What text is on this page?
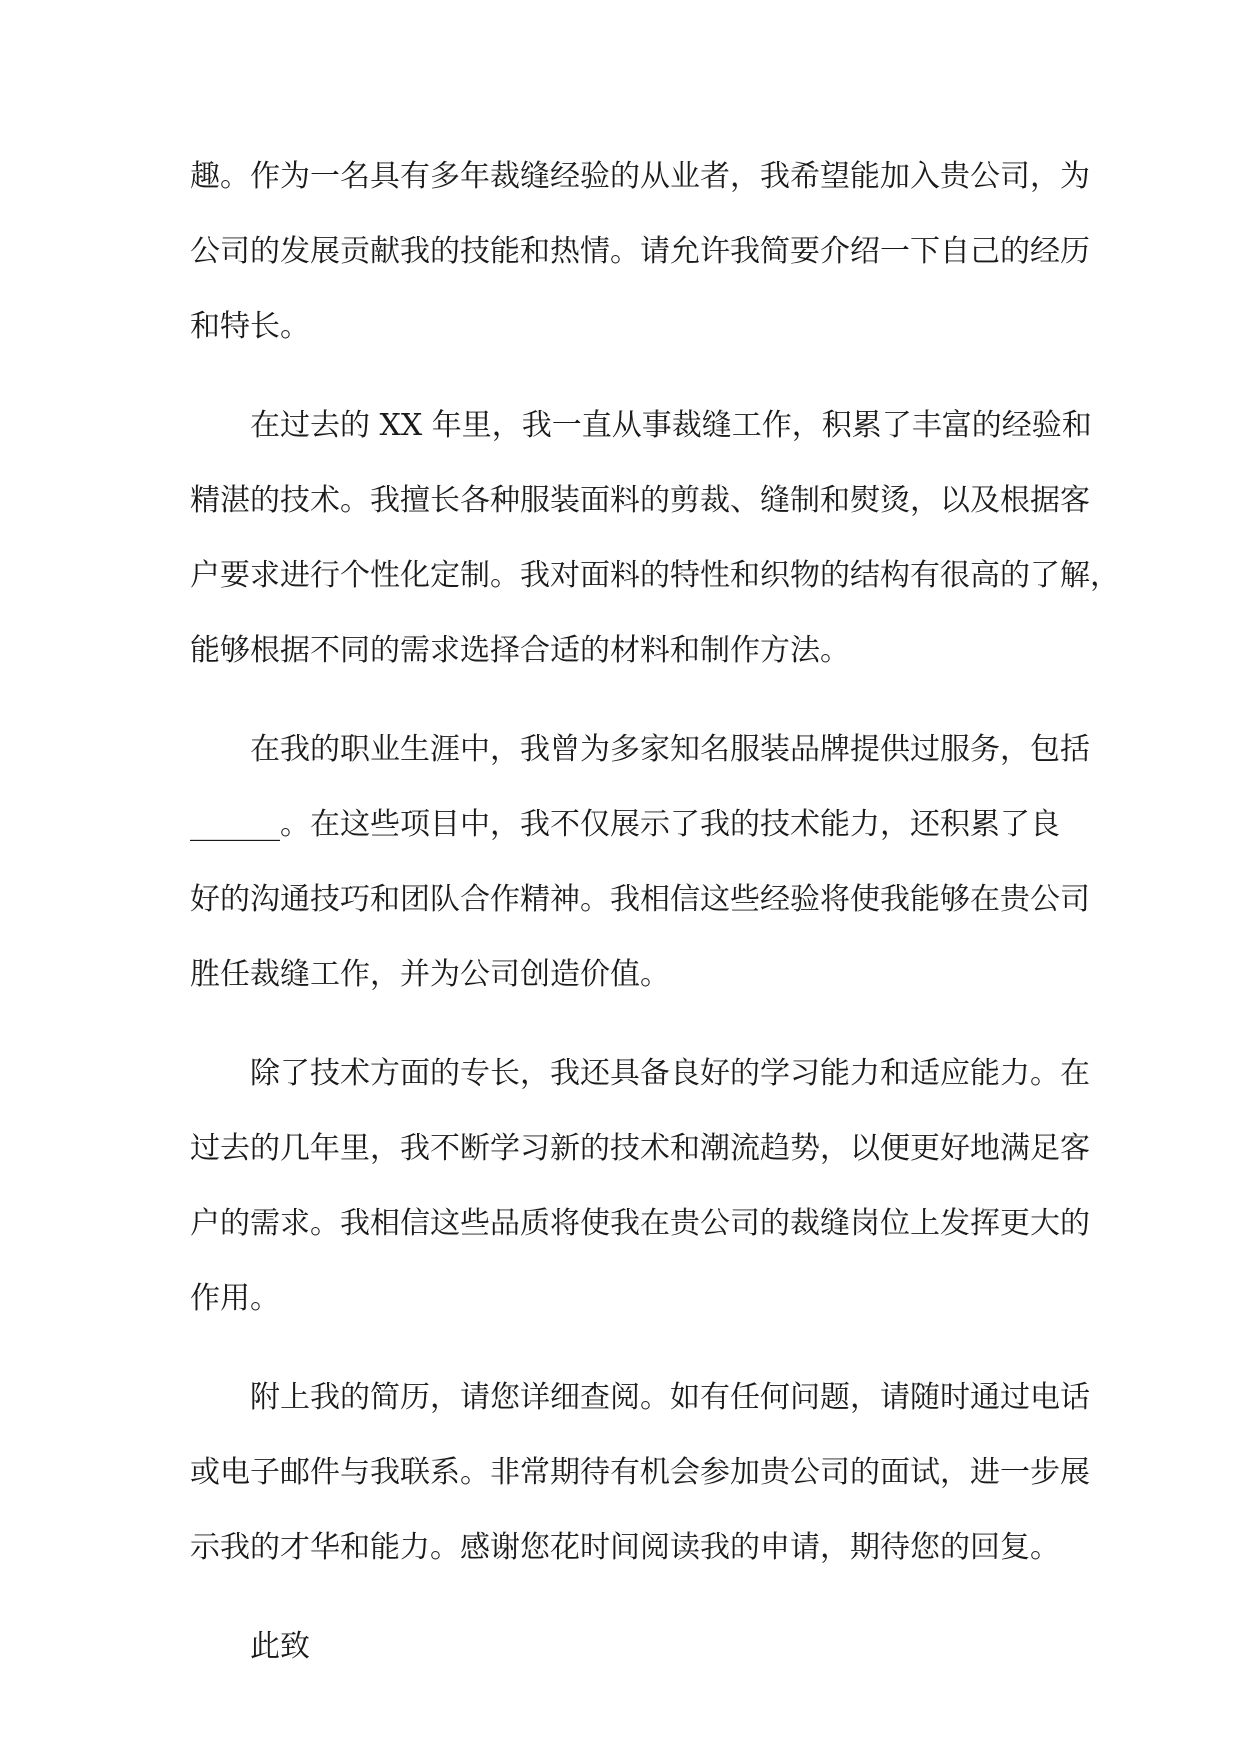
趣。作为一名具有多年裁缝经验的从业者，我希望能加入贵公司，为
公司的发展贡献我的技能和热情。请允许我简要介绍一下自己的经历
和特长。
在过去的 XX 年里，我一直从事裁缝工作，积累了丰富的经验和
精湛的技术。我擅长各种服装面料的剪裁、缝制和熨烫，以及根据客
户要求进行个性化定制。我对面料的特性和织物的结构有很高的了解，
能够根据不同的需求选择合适的材料和制作方法。
在我的职业生涯中，我曾为多家知名服装品牌提供过服务，包括
______。在这些项目中，我不仅展示了我的技术能力，还积累了良
好的沟通技巧和团队合作精神。我相信这些经验将使我能够在贵公司
胜任裁缝工作，并为公司创造价值。
除了技术方面的专长，我还具备良好的学习能力和适应能力。在
过去的几年里，我不断学习新的技术和潮流趋势，以便更好地满足客
户的需求。我相信这些品质将使我在贵公司的裁缝岗位上发挥更大的
作用。
附上我的简历，请您详细查阅。如有任何问题，请随时通过电话
或电子邮件与我联系。非常期待有机会参加贵公司的面试，进一步展
示我的才华和能力。感谢您花时间阅读我的申请，期待您的回复。
此致
